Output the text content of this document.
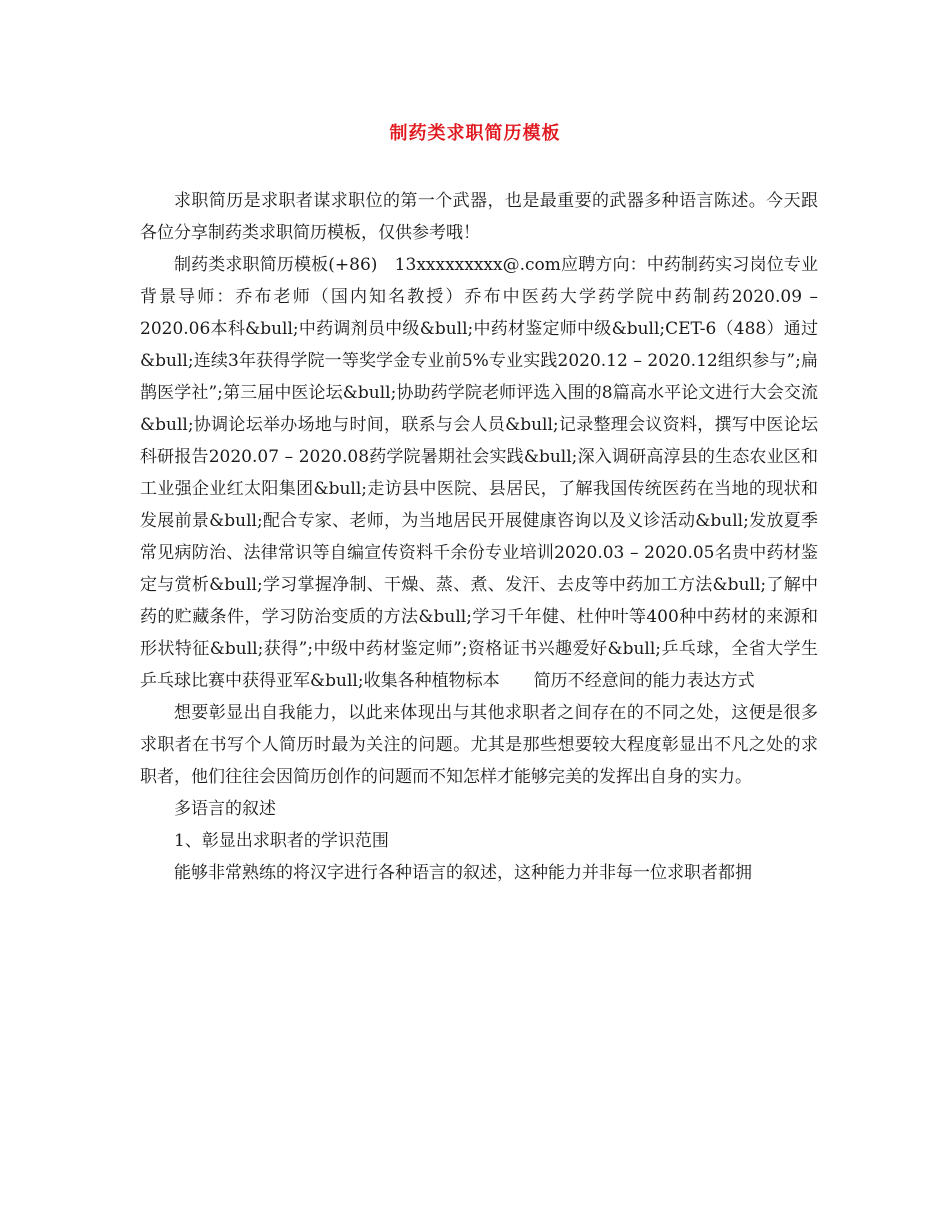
制药类求职简历模板

求职简历是求职者谋求职位的第一个武器，也是最重要的武器多种语言陈述。今天跟各位分享制药类求职简历模板，仅供参考哦！

制药类求职简历模板(+86)　13xxxxxxxxx@.com应聘方向：中药制药实习岗位专业背景导师：乔布老师（国内知名教授）乔布中医药大学药学院中药制药2020.09 – 2020.06本科&bull;中药调剂员中级&bull;中药材鉴定师中级&bull;CET-6（488）通过&bull;连续3年获得学院一等奖学金专业前5%专业实践2020.12 – 2020.12组织参与”;扁鹊医学社”;第三届中医论坛&bull;协助药学院老师评选入围的8篇高水平论文进行大会交流&bull;协调论坛举办场地与时间，联系与会人员&bull;记录整理会议资料，撰写中医论坛科研报告2020.07 – 2020.08药学院暑期社会实践&bull;深入调研高淳县的生态农业区和工业强企业红太阳集团&bull;走访县中医院、县居民，了解我国传统医药在当地的现状和发展前景&bull;配合专家、老师，为当地居民开展健康咨询以及义诊活动&bull;发放夏季常见病防治、法律常识等自编宣传资料千余份专业培训2020.03 – 2020.05名贵中药材鉴定与赏析&bull;学习掌握净制、干燥、蒸、煮、发汗、去皮等中药加工方法&bull;了解中药的贮藏条件，学习防治变质的方法&bull;学习千年健、杜仲叶等400种中药材的来源和形状特征&bull;获得”;中级中药材鉴定师”;资格证书兴趣爱好&bull;乒乓球，全省大学生乒乓球比赛中获得亚军&bull;收集各种植物标本　　简历不经意间的能力表达方式

想要彰显出自我能力，以此来体现出与其他求职者之间存在的不同之处，这便是很多求职者在书写个人简历时最为关注的问题。尤其是那些想要较大程度彰显出不凡之处的求职者，他们往往会因简历创作的问题而不知怎样才能够完美的发挥出自身的实力。

多语言的叙述

1、彰显出求职者的学识范围

能够非常熟练的将汉字进行各种语言的叙述，这种能力并非每一位求职者都拥
